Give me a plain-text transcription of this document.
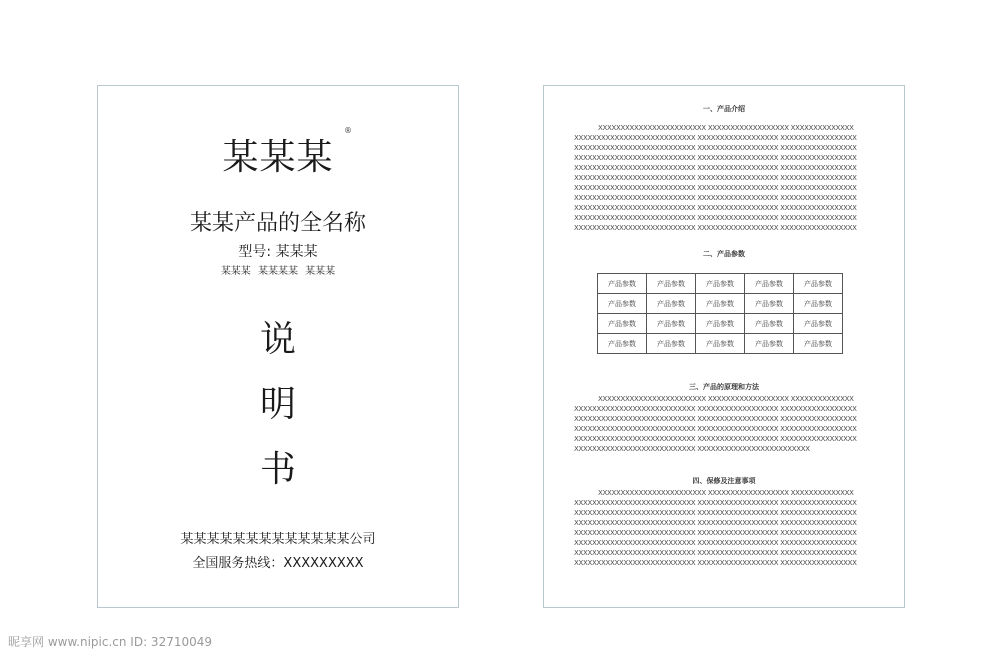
某某某
®
某某产品的全名称
型号: 某某某
某某某 某某某某 某某某
说
明
书
某某某某某某某某某某某某某公司
全国服务热线：XXXXXXXXX
一、产品介绍
XXXXXXXXXXXXXXXXXXXXXXXX XXXXXXXXXXXXXXXXXX XXXXXXXXXXXXXX
XXXXXXXXXXXXXXXXXXXXXXXXXXX XXXXXXXXXXXXXXXXXX XXXXXXXXXXXXXXXXX
XXXXXXXXXXXXXXXXXXXXXXXXXXX XXXXXXXXXXXXXXXXXX XXXXXXXXXXXXXXXXX
XXXXXXXXXXXXXXXXXXXXXXXXXXX XXXXXXXXXXXXXXXXXX XXXXXXXXXXXXXXXXX
XXXXXXXXXXXXXXXXXXXXXXXXXXX XXXXXXXXXXXXXXXXXX XXXXXXXXXXXXXXXXX
XXXXXXXXXXXXXXXXXXXXXXXXXXX XXXXXXXXXXXXXXXXXX XXXXXXXXXXXXXXXXX
XXXXXXXXXXXXXXXXXXXXXXXXXXX XXXXXXXXXXXXXXXXXX XXXXXXXXXXXXXXXXX
XXXXXXXXXXXXXXXXXXXXXXXXXXX XXXXXXXXXXXXXXXXXX XXXXXXXXXXXXXXXXX
XXXXXXXXXXXXXXXXXXXXXXXXXXX XXXXXXXXXXXXXXXXXX XXXXXXXXXXXXXXXXX
XXXXXXXXXXXXXXXXXXXXXXXXXXX XXXXXXXXXXXXXXXXXX XXXXXXXXXXXXXXXXX
XXXXXXXXXXXXXXXXXXXXXXXXXXX XXXXXXXXXXXXXXXXXX XXXXXXXXXXXXXXXXX
二、产品参数
产品参数	产品参数	产品参数	产品参数	产品参数
产品参数	产品参数	产品参数	产品参数	产品参数
产品参数	产品参数	产品参数	产品参数	产品参数
产品参数	产品参数	产品参数	产品参数	产品参数
三、产品的原理和方法
XXXXXXXXXXXXXXXXXXXXXXXX XXXXXXXXXXXXXXXXXX XXXXXXXXXXXXXX
XXXXXXXXXXXXXXXXXXXXXXXXXXX XXXXXXXXXXXXXXXXXX XXXXXXXXXXXXXXXXX
XXXXXXXXXXXXXXXXXXXXXXXXXXX XXXXXXXXXXXXXXXXXX XXXXXXXXXXXXXXXXX
XXXXXXXXXXXXXXXXXXXXXXXXXXX XXXXXXXXXXXXXXXXXX XXXXXXXXXXXXXXXXX
XXXXXXXXXXXXXXXXXXXXXXXXXXX XXXXXXXXXXXXXXXXXX XXXXXXXXXXXXXXXXX
XXXXXXXXXXXXXXXXXXXXXXXXXXX XXXXXXXXXXXXXXXXXXXXXXXXX
四、保修及注意事项
XXXXXXXXXXXXXXXXXXXXXXXX XXXXXXXXXXXXXXXXXX XXXXXXXXXXXXXX
XXXXXXXXXXXXXXXXXXXXXXXXXXX XXXXXXXXXXXXXXXXXX XXXXXXXXXXXXXXXXX
XXXXXXXXXXXXXXXXXXXXXXXXXXX XXXXXXXXXXXXXXXXXX XXXXXXXXXXXXXXXXX
XXXXXXXXXXXXXXXXXXXXXXXXXXX XXXXXXXXXXXXXXXXXX XXXXXXXXXXXXXXXXX
XXXXXXXXXXXXXXXXXXXXXXXXXXX XXXXXXXXXXXXXXXXXX XXXXXXXXXXXXXXXXX
XXXXXXXXXXXXXXXXXXXXXXXXXXX XXXXXXXXXXXXXXXXXX XXXXXXXXXXXXXXXXX
XXXXXXXXXXXXXXXXXXXXXXXXXXX XXXXXXXXXXXXXXXXXX XXXXXXXXXXXXXXXXX
XXXXXXXXXXXXXXXXXXXXXXXXXXX XXXXXXXXXXXXXXXXXX XXXXXXXXXXXXXXXXX
昵享网 www.nipic.cn ID: 32710049
